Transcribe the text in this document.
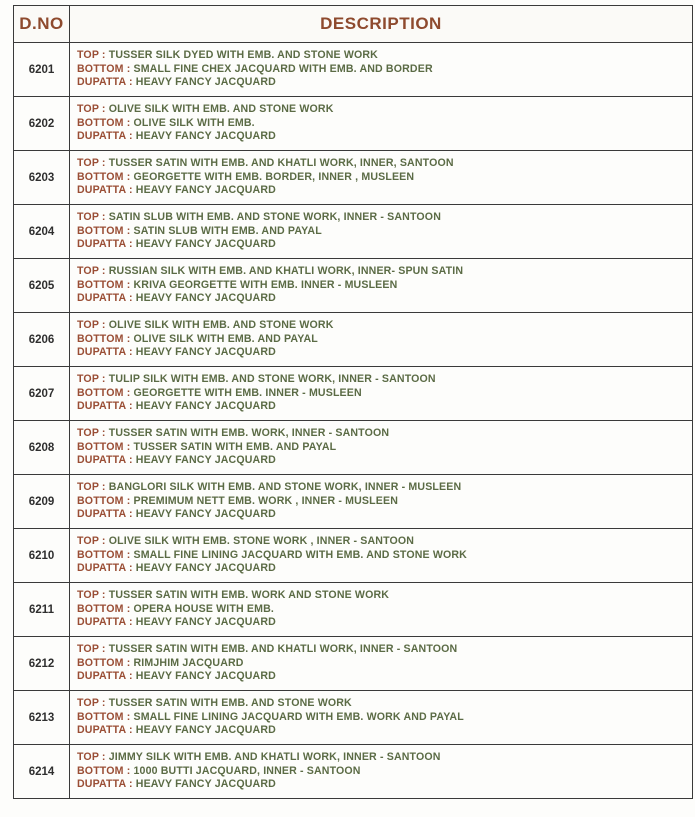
D.NO	DESCRIPTION
6201	TOP : TUSSER SILK DYED WITH EMB. AND STONE WORK
BOTTOM : SMALL FINE CHEX JACQUARD WITH EMB. AND BORDER
DUPATTA : HEAVY FANCY JACQUARD

6202	TOP : OLIVE SILK WITH EMB. AND STONE WORK
BOTTOM : OLIVE SILK WITH EMB.
DUPATTA : HEAVY FANCY JACQUARD

6203	TOP : TUSSER SATIN WITH EMB. AND KHATLI WORK, INNER, SANTOON
BOTTOM : GEORGETTE WITH EMB. BORDER, INNER , MUSLEEN
DUPATTA : HEAVY FANCY JACQUARD

6204	TOP : SATIN SLUB WITH EMB. AND STONE WORK, INNER - SANTOON
BOTTOM : SATIN SLUB WITH EMB. AND PAYAL
DUPATTA : HEAVY FANCY JACQUARD

6205	TOP : RUSSIAN SILK WITH EMB. AND KHATLI WORK, INNER- SPUN SATIN
BOTTOM : KRIVA GEORGETTE WITH EMB. INNER - MUSLEEN
DUPATTA : HEAVY FANCY JACQUARD

6206	TOP : OLIVE SILK WITH EMB. AND STONE WORK
BOTTOM : OLIVE SILK WITH EMB. AND PAYAL
DUPATTA : HEAVY FANCY JACQUARD

6207	TOP : TULIP SILK WITH EMB. AND STONE WORK, INNER - SANTOON
BOTTOM : GEORGETTE WITH EMB. INNER - MUSLEEN
DUPATTA : HEAVY FANCY JACQUARD

6208	TOP : TUSSER SATIN WITH EMB. WORK, INNER - SANTOON
BOTTOM : TUSSER SATIN WITH EMB. AND PAYAL
DUPATTA : HEAVY FANCY JACQUARD

6209	TOP : BANGLORI SILK WITH EMB. AND STONE WORK, INNER - MUSLEEN
BOTTOM : PREMIMUM NETT EMB. WORK , INNER - MUSLEEN
DUPATTA : HEAVY FANCY JACQUARD

6210	TOP : OLIVE SILK WITH EMB. STONE WORK , INNER - SANTOON
BOTTOM : SMALL FINE LINING JACQUARD WITH EMB. AND STONE WORK
DUPATTA : HEAVY FANCY JACQUARD

6211	TOP : TUSSER SATIN WITH EMB. WORK AND STONE WORK
BOTTOM : OPERA HOUSE WITH EMB.
DUPATTA : HEAVY FANCY JACQUARD

6212	TOP : TUSSER SATIN WITH EMB. AND KHATLI WORK, INNER - SANTOON
BOTTOM : RIMJHIM JACQUARD
DUPATTA : HEAVY FANCY JACQUARD

6213	TOP : TUSSER SATIN WITH EMB. AND STONE WORK
BOTTOM : SMALL FINE LINING JACQUARD WITH EMB. WORK AND PAYAL
DUPATTA : HEAVY FANCY JACQUARD

6214	TOP : JIMMY SILK WITH EMB. AND KHATLI WORK, INNER - SANTOON
BOTTOM : 1000 BUTTI JACQUARD, INNER - SANTOON
DUPATTA : HEAVY FANCY JACQUARD
